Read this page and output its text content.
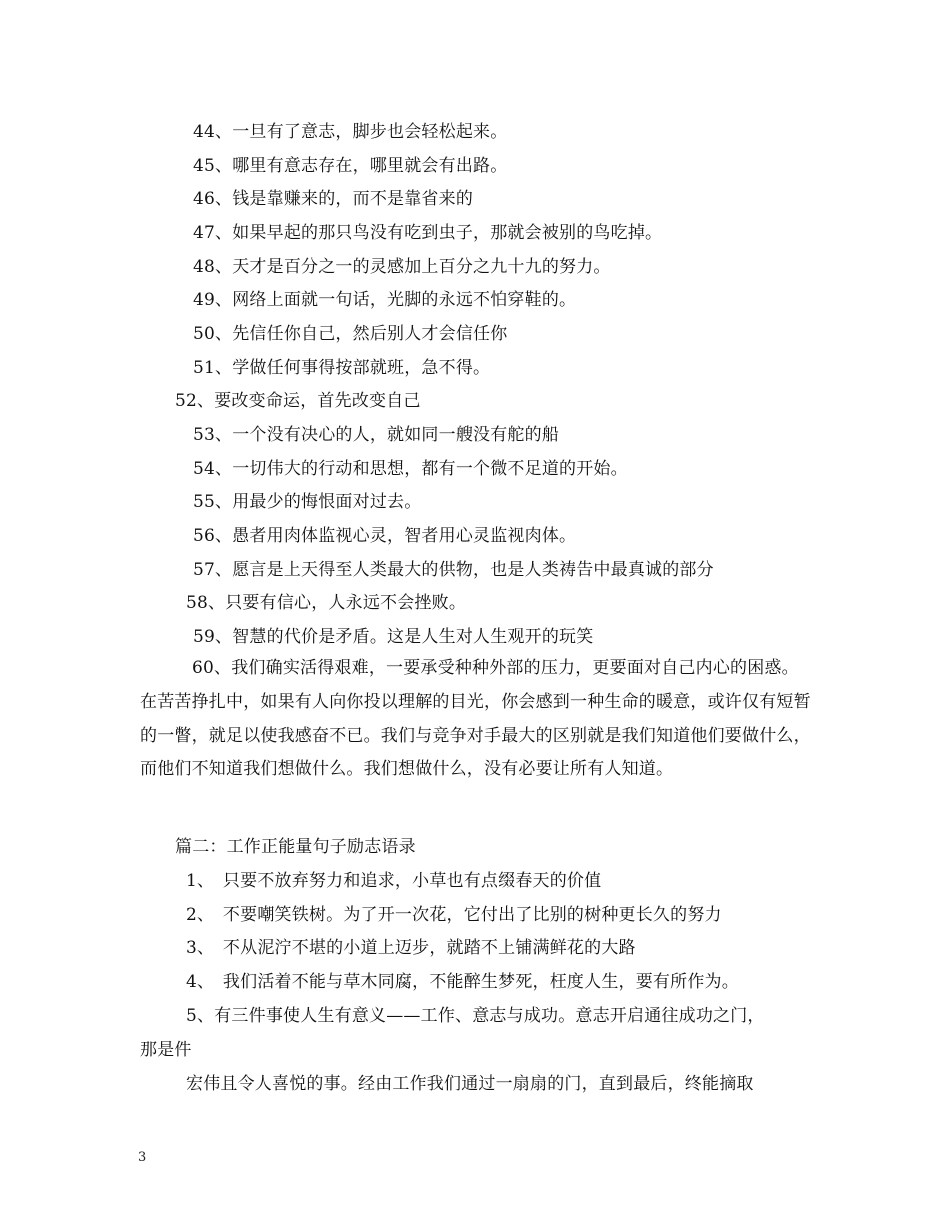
44、一旦有了意志，脚步也会轻松起来。
45、哪里有意志存在，哪里就会有出路。
46、钱是靠赚来的，而不是靠省来的
47、如果早起的那只鸟没有吃到虫子，那就会被别的鸟吃掉。
48、天才是百分之一的灵感加上百分之九十九的努力。
49、网络上面就一句话，光脚的永远不怕穿鞋的。
50、先信任你自己，然后别人才会信任你
51、学做任何事得按部就班，急不得。
52、要改变命运，首先改变自己
53、一个没有决心的人，就如同一艘没有舵的船
54、一切伟大的行动和思想，都有一个微不足道的开始。
55、用最少的悔恨面对过去。
56、愚者用肉体监视心灵，智者用心灵监视肉体。
57、愿言是上天得至人类最大的供物，也是人类祷告中最真诚的部分
58、只要有信心，人永远不会挫败。
59、智慧的代价是矛盾。这是人生对人生观开的玩笑
60、我们确实活得艰难，一要承受种种外部的压力，更要面对自己内心的困惑。在苦苦挣扎中，如果有人向你投以理解的目光，你会感到一种生命的暖意，或许仅有短暂的一瞥，就足以使我感奋不已。我们与竞争对手最大的区别就是我们知道他们要做什么，而他们不知道我们想做什么。我们想做什么，没有必要让所有人知道。
篇二：工作正能量句子励志语录
1、　只要不放弃努力和追求，小草也有点缀春天的价值
2、　不要嘲笑铁树。为了开一次花，它付出了比别的树种更长久的努力
3、　不从泥泞不堪的小道上迈步，就踏不上铺满鲜花的大路
4、　我们活着不能与草木同腐，不能醉生梦死，枉度人生，要有所作为。
5、有三件事使人生有意义——工作、意志与成功。意志开启通往成功之门，
那是件
宏伟且令人喜悦的事。经由工作我们通过一扇扇的门，直到最后，终能摘取
3
